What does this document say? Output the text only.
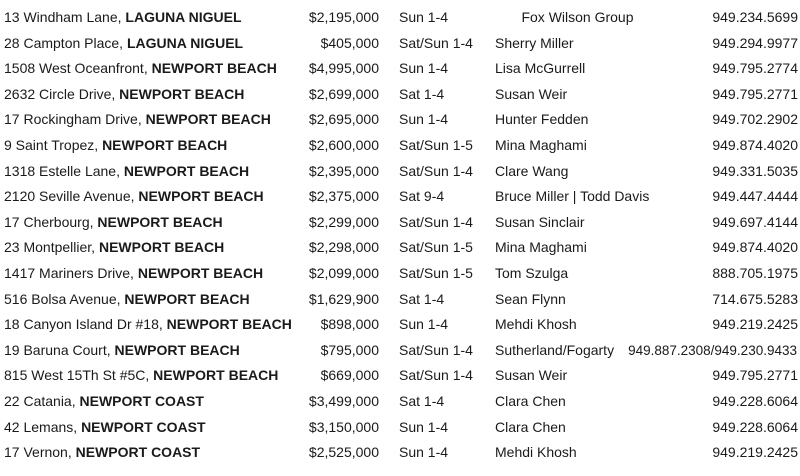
13 Windham Lane, LAGUNA NIGUEL	$2,195,000 Sun 1-4	Fox Wilson Group	949.234.5699
28 Campton Place, LAGUNA NIGUEL	$405,000 Sat/Sun 1-4 Sherry Miller	949.294.9977
1508 West Oceanfront, NEWPORT BEACH $4,995,000 Sun 1-4	Lisa McGurrell	949.795.2774
2632 Circle Drive, NEWPORT BEACH	$2,699,000 Sat 1-4	Susan Weir	949.795.2771
17 Rockingham Drive, NEWPORT BEACH	$2,695,000 Sun 1-4	Hunter Fedden	949.702.2902
9 Saint Tropez, NEWPORT BEACH	$2,600,000 Sat/Sun 1-5 Mina Maghami	949.874.4020
1318 Estelle Lane, NEWPORT BEACH	$2,395,000 Sat/Sun 1-4 Clare Wang	949.331.5035
2120 Seville Avenue, NEWPORT BEACH	$2,375,000 Sat 9-4	Bruce Miller | Todd Davis	949.447.4444
17 Cherbourg, NEWPORT BEACH	$2,299,000 Sat/Sun 1-4 Susan Sinclair	949.697.4144
23 Montpellier, NEWPORT BEACH	$2,298,000 Sat/Sun 1-5 Mina Maghami	949.874.4020
1417 Mariners Drive, NEWPORT BEACH	$2,099,000 Sat/Sun 1-5 Tom Szulga	888.705.1975
516 Bolsa Avenue, NEWPORT BEACH	$1,629,900 Sat 1-4	Sean Flynn	714.675.5283
18 Canyon Island Dr #18, NEWPORT BEACH $898,000 Sun 1-4	Mehdi Khosh	949.219.2425
19 Baruna Court, NEWPORT BEACH	$795,000 Sat/Sun 1-4 Sutherland/Fogarty 949.887.2308/949.230.9433
815 West 15Th St #5C, NEWPORT BEACH	$669,000 Sat/Sun 1-4 Susan Weir	949.795.2771
22 Catania, NEWPORT COAST	$3,499,000 Sat 1-4	Clara Chen	949.228.6064
42 Lemans, NEWPORT COAST	$3,150,000 Sun 1-4	Clara Chen	949.228.6064
17 Vernon, NEWPORT COAST	$2,525,000 Sun 1-4	Mehdi Khosh	949.219.2425
